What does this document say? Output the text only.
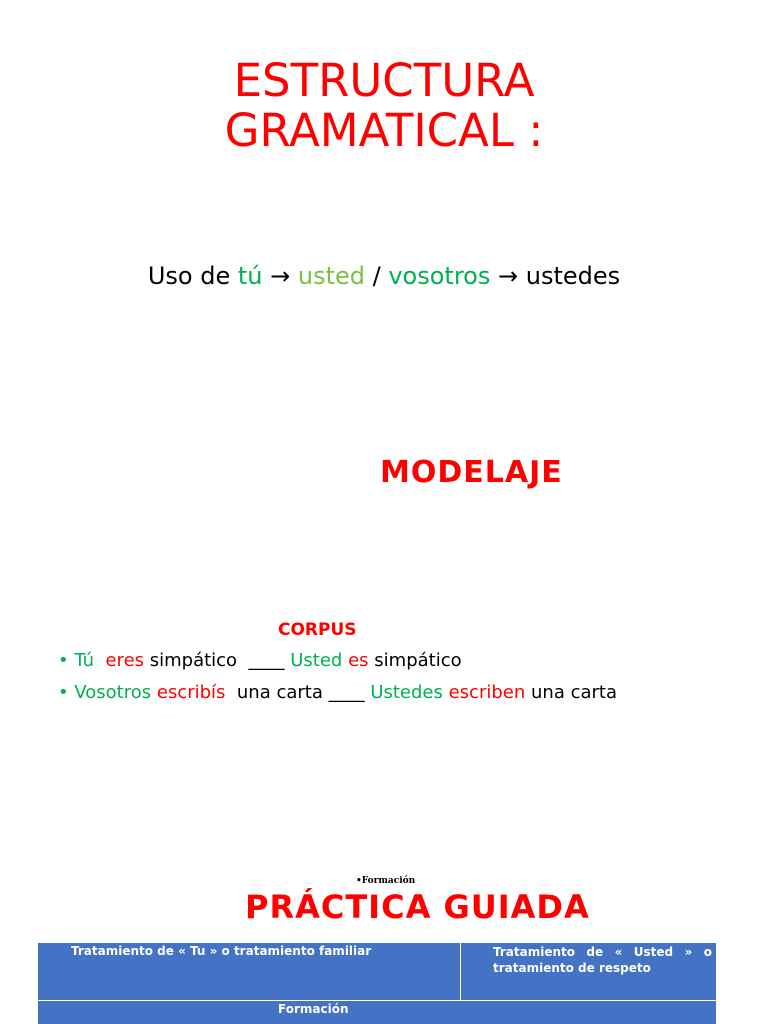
ESTRUCTURA
GRAMATICAL :
Uso de tú → usted / vosotros → ustedes
MODELAJE
CORPUS
• Tú eres simpático  ____ Usted es simpático
• Vosotros escribís  una carta ____ Ustedes escriben una carta
•Formación
PRÁCTICA GUIADA
Tratamiento de « Tu » o tratamiento familiar	Tratamiento de « Usted » o tratamiento de respeto
Formación
